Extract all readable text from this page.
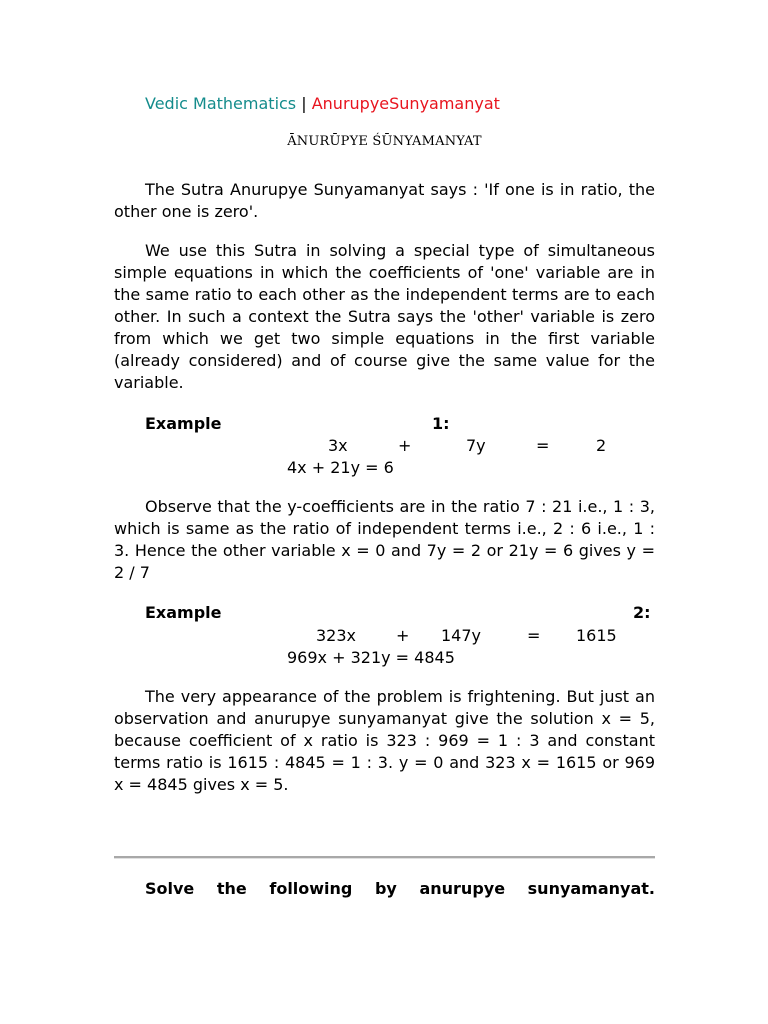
Vedic Mathematics | AnurupyeSunyamanyat
ĀNURŪPYE ŚŪNYAMANYAT

The Sutra Anurupye Sunyamanyat says : 'If one is in ratio, the other one is zero'.

We use this Sutra in solving a special type of simultaneous simple equations in which the coefficients of 'one' variable are in the same ratio to each other as the independent terms are to each other. In such a context the Sutra says the 'other' variable is zero from which we get two simple equations in the first variable (already considered) and of course give the same value for the variable.

Example	1:
3x	+	7y	=	2
4x + 21y = 6

Observe that the y-coefficients are in the ratio 7 : 21 i.e., 1 : 3, which is same as the ratio of independent terms i.e., 2 : 6 i.e., 1 : 3. Hence the other variable x = 0 and 7y = 2 or 21y = 6 gives y = 2 / 7

Example	2:
323x + 147y	= 1615
969x + 321y = 4845

The very appearance of the problem is frightening. But just an observation and anurupye sunyamanyat give the solution x = 5, because coefficient of x ratio is 323 : 969 = 1 : 3 and constant terms ratio is 1615 : 4845 = 1 : 3. y = 0 and 323 x = 1615 or 969 x = 4845 gives x = 5.

Solve the following by anurupye sunyamanyat.
